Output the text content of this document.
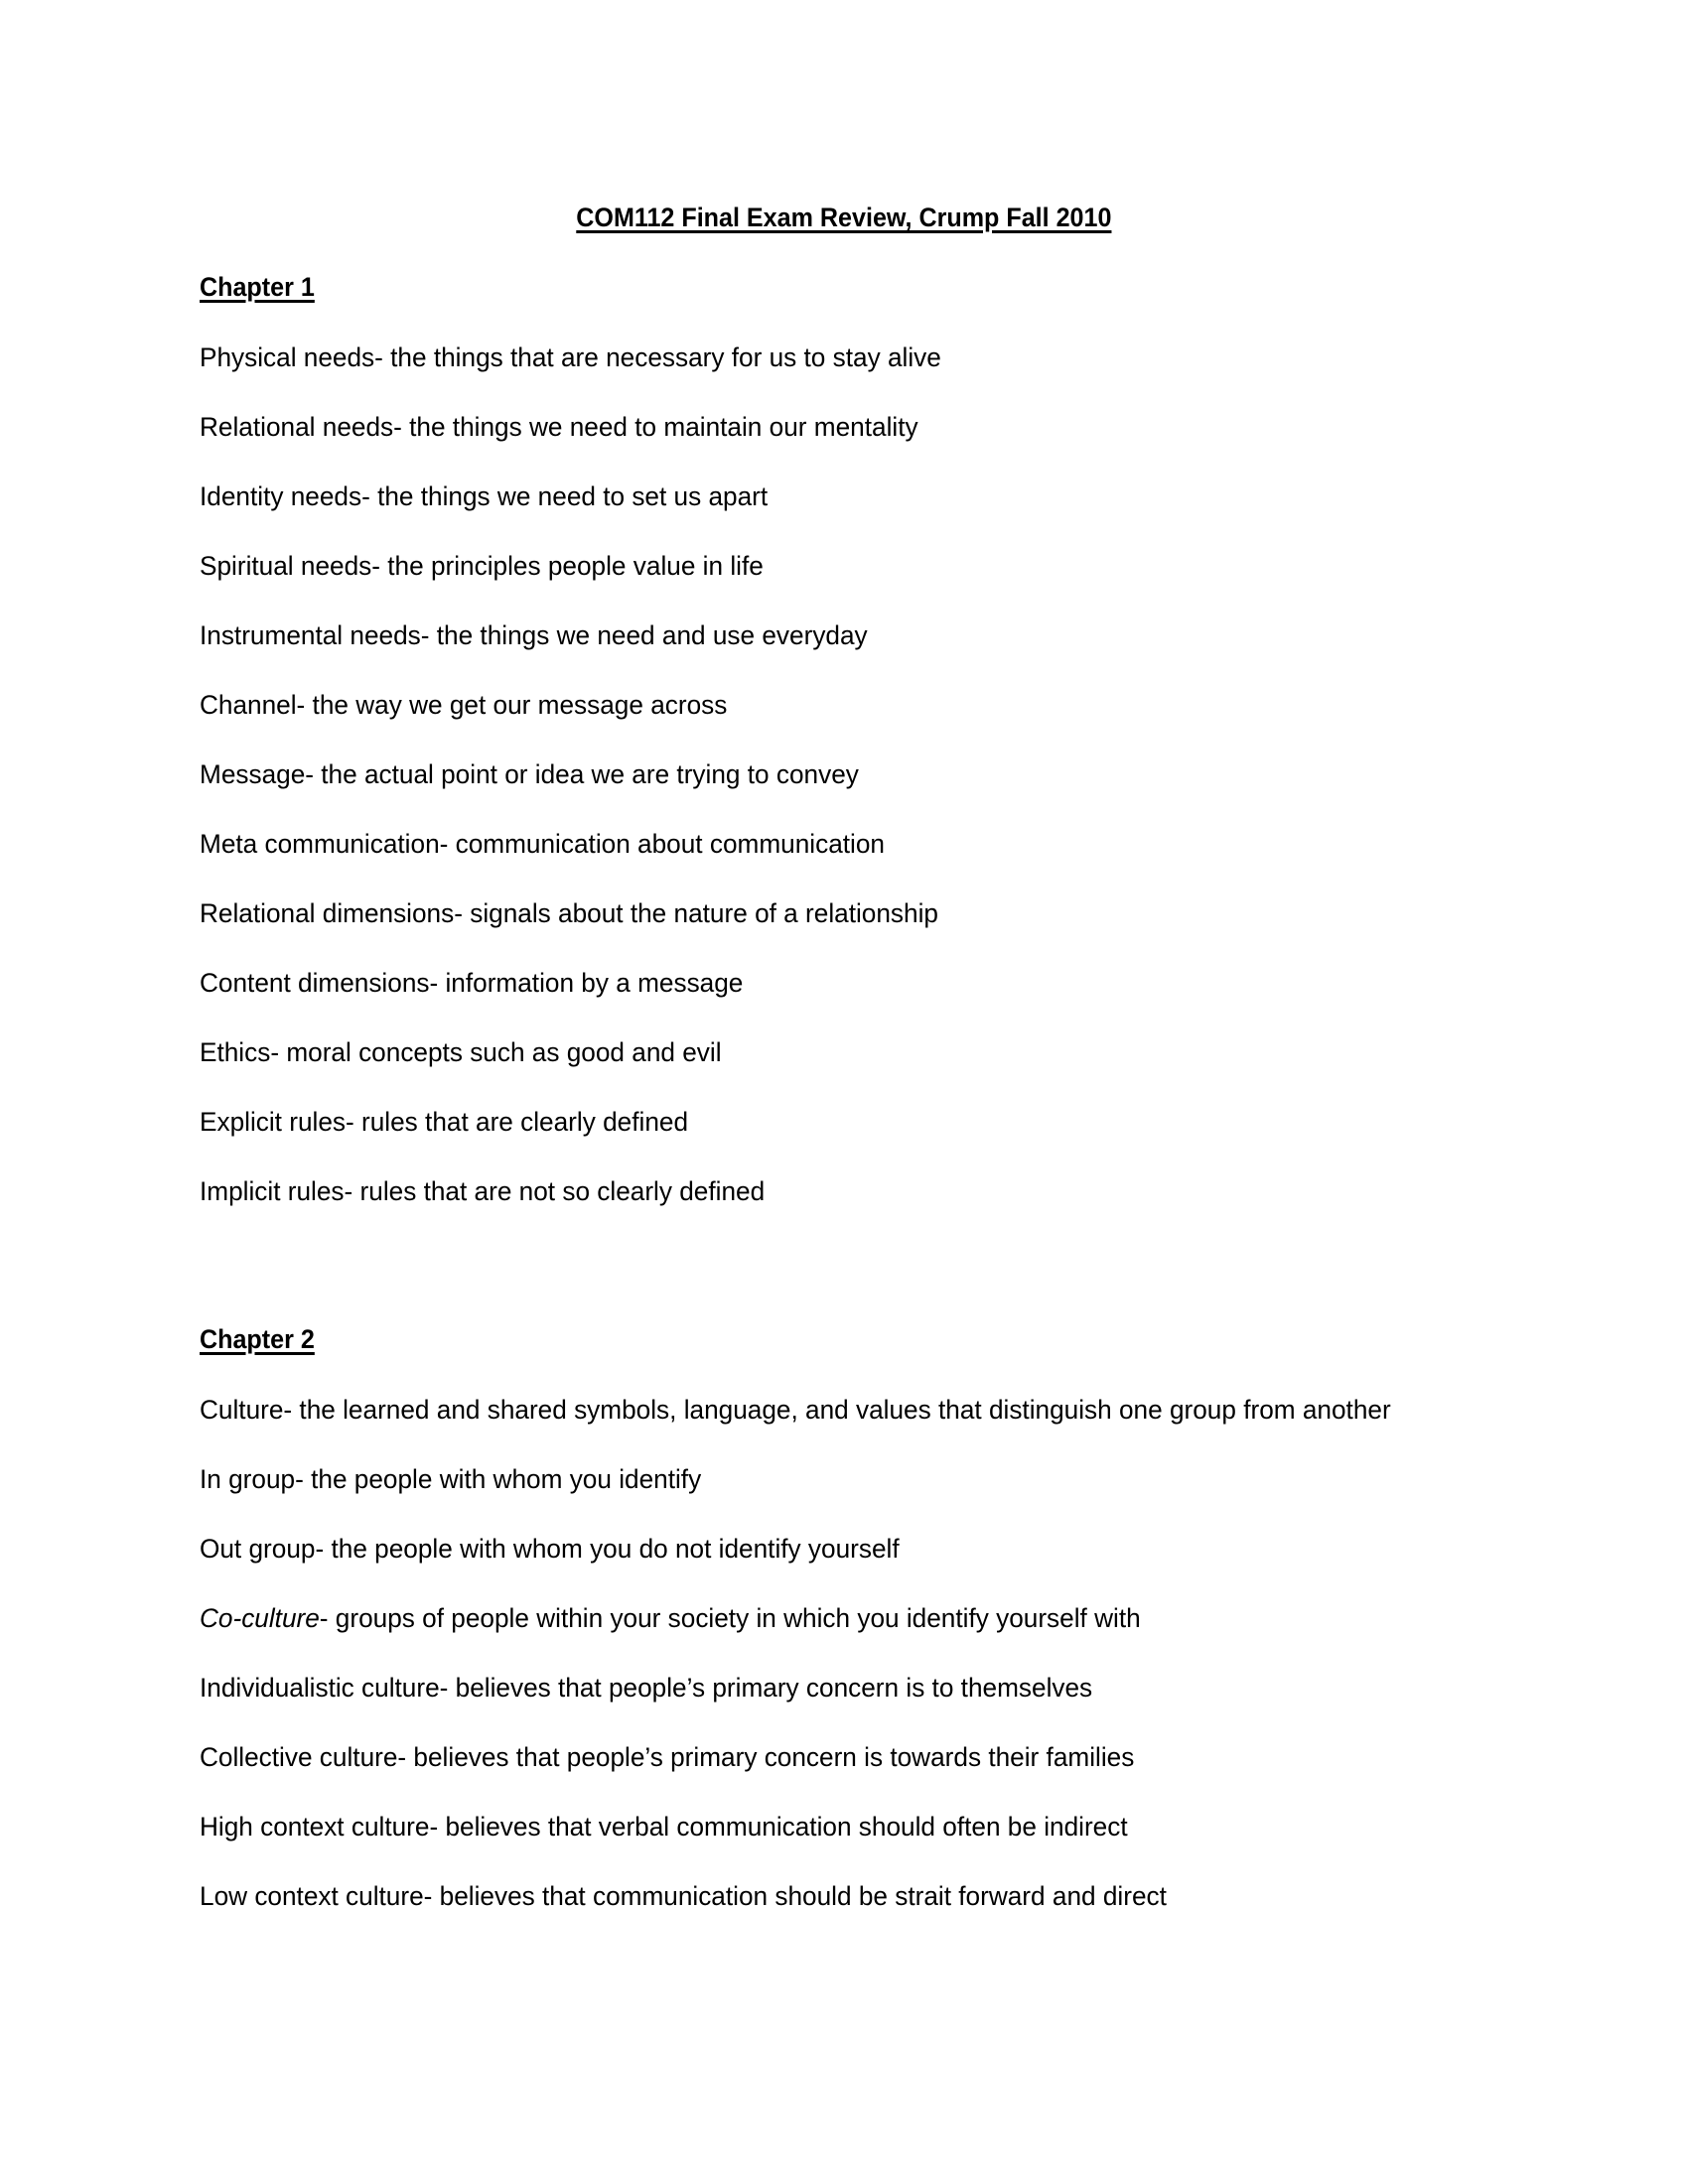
COM112 Final Exam Review, Crump Fall 2010
Chapter 1
Physical needs- the things that are necessary for us to stay alive
Relational needs- the things we need to maintain our mentality
Identity needs- the things we need to set us apart
Spiritual needs- the principles people value in life
Instrumental needs- the things we need and use everyday
Channel- the way we get our message across
Message- the actual point or idea we are trying to convey
Meta communication- communication about communication
Relational dimensions- signals about the nature of a relationship
Content dimensions- information by a message
Ethics- moral concepts such as good and evil
Explicit rules- rules that are clearly defined
Implicit rules- rules that are not so clearly defined
Chapter 2
Culture- the learned and shared symbols, language, and values that distinguish one group from another
In group- the people with whom you identify
Out group- the people with whom you do not identify yourself
Co-culture- groups of people within your society in which you identify yourself with
Individualistic culture- believes that people’s primary concern is to themselves
Collective culture- believes that people’s primary concern is towards their families
High context culture- believes that verbal communication should often be indirect
Low context culture- believes that communication should be strait forward and direct
